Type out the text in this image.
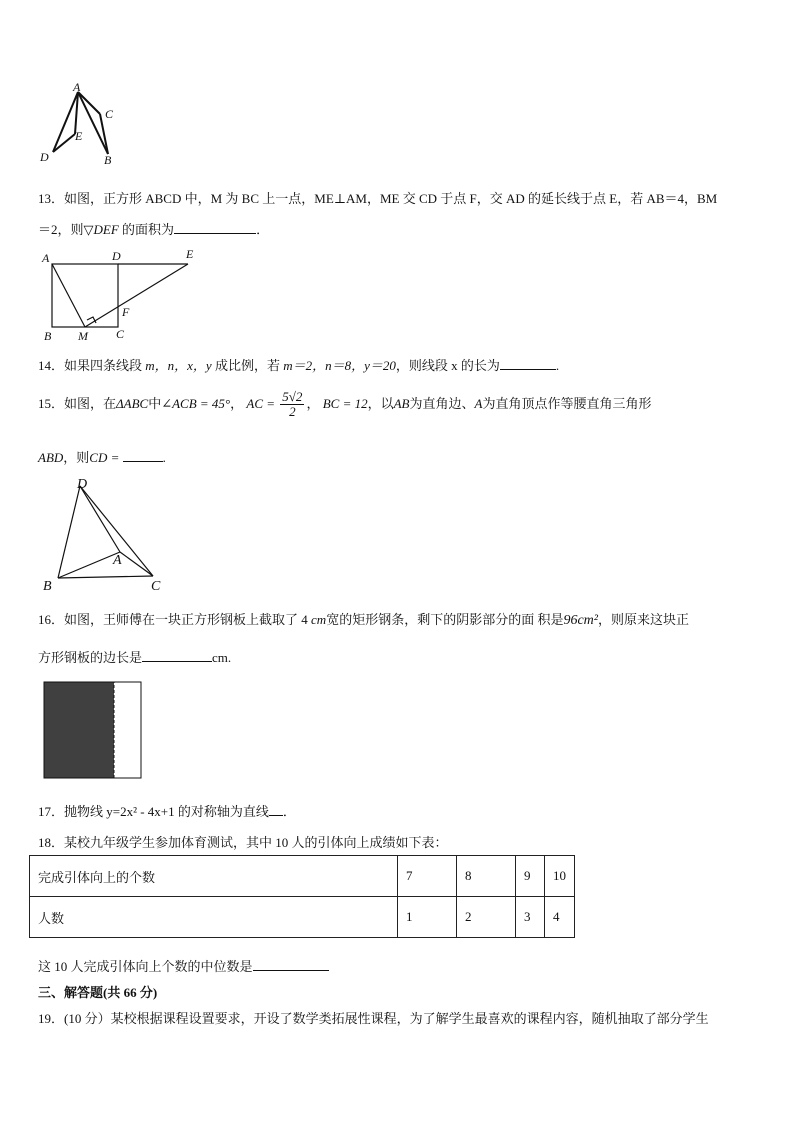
A
C
E
D	B
13．如图，正方形 ABCD 中，M 为 BC 上一点，ME⊥AM，ME 交 CD 于点 F，交 AD 的延长线于点 E，若 AB＝4，BM
＝2，则▽DEF 的面积为	．
A	D	E
F
B M C
14．如果四条线段 m，n，x，y 成比例，若 m＝2，n＝8，y＝20，则线段 x 的长为	.
15．如图，在ΔABC中∠ACB = 45°， AC = $\frac{5√2}{2}$ ， BC = 12，以AB为直角边、A为直角顶点作等腰直角三角形
ABD，则CD =	.
D
A
B	C
16．如图，王师傅在一块正方形钢板上截取了 4 cm宽的矩形钢条，剩下的阴影部分的面 积是96cm²，则原来这块正
方形钢板的边长是	cm.
17．抛物线 y=2x² - 4x+1 的对称轴为直线 ．
18．某校九年级学生参加体育测试，其中 10 人的引体向上成绩如下表：
完成引体向上的个数	7	8	9	10
人数	1	2	3	4
这 10 人完成引体向上个数的中位数是
三、解答题(共 66 分)
19．(10 分）某校根据课程设置要求，开设了数学类拓展性课程，为了解学生最喜欢的课程内容，随机抽取了部分学生
